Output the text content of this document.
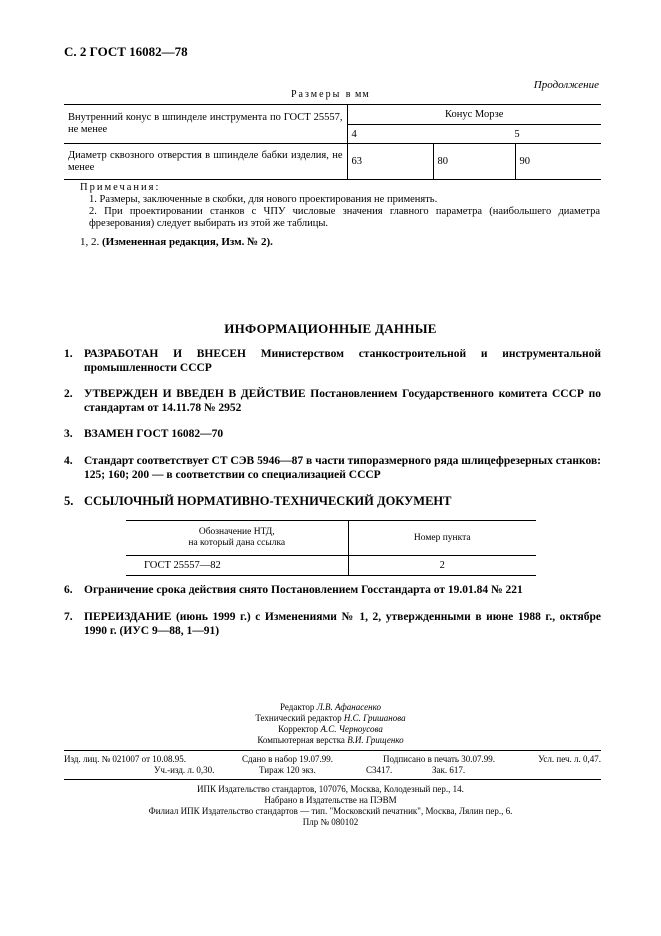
С. 2 ГОСТ 16082—78
Продолжение
Размеры в мм
Внутренний конус в шпинделе инструмента по ГОСТ 25557, не менее	Конус Морзе		
	4	5	
Диаметр сквозного отверстия в шпинделе бабки изделия, не менее	63	80	90
Примечания:
1. Размеры, заключенные в скобки, для нового проектирования не применять.
2. При проектировании станков с ЧПУ числовые значения главного параметра (наибольшего диаметра фрезерования) следует выбирать из этой же таблицы.
1, 2. (Измененная редакция, Изм. № 2).
ИНФОРМАЦИОННЫЕ ДАННЫЕ
1. РАЗРАБОТАН И ВНЕСЕН Министерством станкостроительной и инструментальной промышленности СССР
2. УТВЕРЖДЕН И ВВЕДЕН В ДЕЙСТВИЕ Постановлением Государственного комитета СССР по стандартам от 14.11.78 № 2952
3. ВЗАМЕН ГОСТ 16082—70
4. Стандарт соответствует СТ СЭВ 5946—87 в части типоразмерного ряда шлицефрезерных станков: 125; 160; 200 — в соответствии со специализацией СССР
5. ССЫЛОЧНЫЙ НОРМАТИВНО-ТЕХНИЧЕСКИЙ ДОКУМЕНТ
Обозначение НТД,
на который дана ссылка	Номер пункта
ГОСТ 25557—82	2
6. Ограничение срока действия снято Постановлением Госстандарта от 19.01.84 № 221
7. ПЕРЕИЗДАНИЕ (июнь 1999 г.) с Изменениями № 1, 2, утвержденными в июне 1988 г., октябре 1990 г. (ИУС 9—88, 1—91)
Редактор Л.В. Афанасенко
Технический редактор Н.С. Гришанова
Корректор А.С. Черноусова
Компьютерная верстка В.И. Грищенко
Изд. лиц. № 021007 от 10.08.95.	Сдано в набор 19.07.99.	Подписано в печать 30.07.99.	Усл. печ. л. 0,47.
Уч.-изд. л. 0,30.	Тираж 120 экз.	С3417.	Зак. 617.
ИПК Издательство стандартов, 107076, Москва, Колодезный пер., 14.
Набрано в Издательстве на ПЭВМ
Филиал ИПК Издательство стандартов — тип. "Московский печатник", Москва, Лялин пер., 6.
Плр № 080102
